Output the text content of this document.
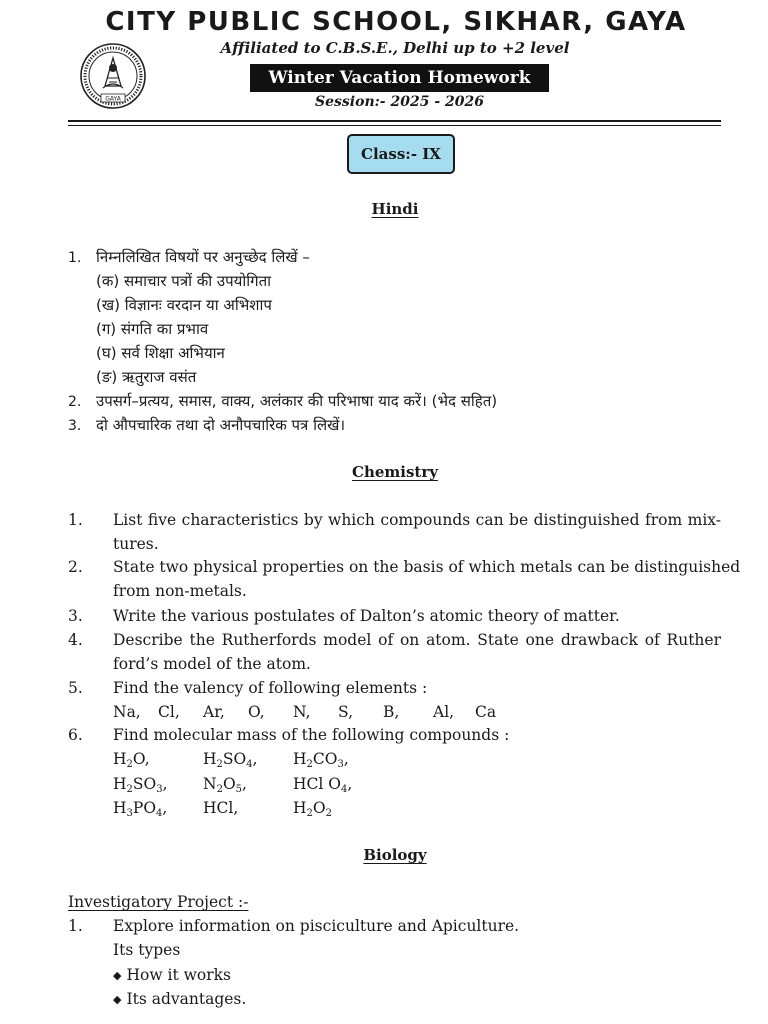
CITY PUBLIC SCHOOL, SIKHAR, GAYA
GAYA
Affiliated to C.B.S.E., Delhi up to +2 level
Winter Vacation Homework
Session:- 2025 - 2026
Class:- IX
Hindi
1. निम्नलिखित विषयों पर अनुच्छेद लिखें –
(क) समाचार पत्रों की उपयोगिता
(ख) विज्ञानः वरदान या अभिशाप
(ग) संगति का प्रभाव
(घ) सर्व शिक्षा अभियान
(ङ) ऋतुराज वसंत
2. उपसर्ग–प्रत्यय, समास, वाक्य, अलंकार की परिभाषा याद करें। (भेद सहित)
3. दो औपचारिक तथा दो अनौपचारिक पत्र लिखें।
Chemistry
1. List five characteristics by which compounds can be distinguished from mix-
tures.
2. State two physical properties on the basis of which metals can be distinguished
from non-metals.
3. Write the various postulates of Dalton’s atomic theory of matter.
4. Describe the Rutherfords model of on atom. State one drawback of Ruther
ford’s model of the atom.
5. Find the valency of following elements :
Na, Cl, Ar, O, N, S, B, Al, Ca
6. Find molecular mass of the following compounds :
$H_2O$,	$H_2SO_4$, $H_2CO_3$,
$H_2SO_3$, $N_2O_5$,	HCl $O_4$,
$H_3PO_4$, HCl,	$H_2O_2$
Biology
Investigatory Project :-
1. Explore information on pisciculture and Apiculture.
Its types
◆ How it works
◆ Its advantages.
